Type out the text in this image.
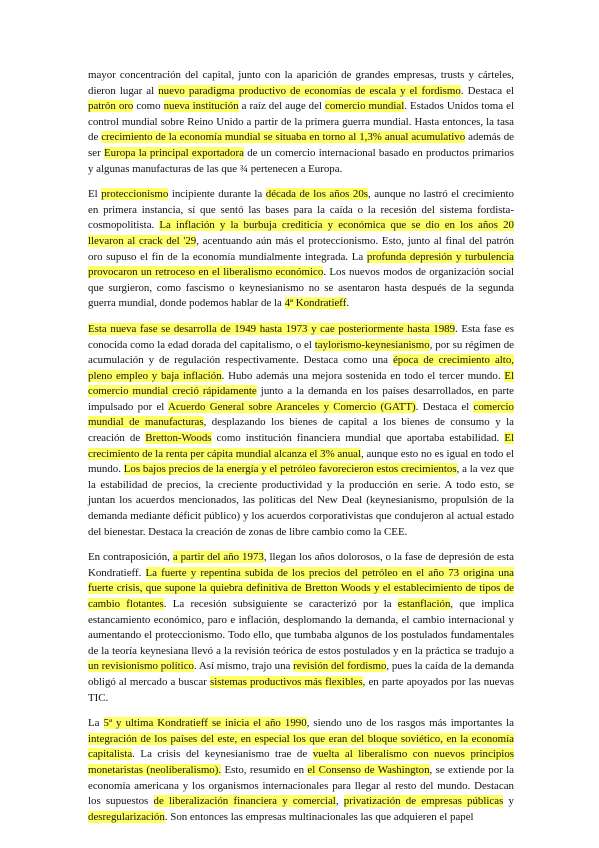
mayor concentración del capital, junto con la aparición de grandes empresas, trusts y cárteles, dieron lugar al nuevo paradigma productivo de economías de escala y el fordismo. Destaca el patrón oro como nueva institución a raíz del auge del comercio mundial. Estados Unidos toma el control mundial sobre Reino Unido a partir de la primera guerra mundial. Hasta entonces, la tasa de crecimiento de la economía mundial se situaba en torno al 1,3% anual acumulativo además de ser Europa la principal exportadora de un comercio internacional basado en productos primarios y algunas manufacturas de las que ¾ pertenecen a Europa.

El proteccionismo incipiente durante la década de los años 20s, aunque no lastró el crecimiento en primera instancia, sí que sentó las bases para la caída o la recesión del sistema fordista-cosmopolitista. La inflación y la burbuja crediticia y económica que se dio en los años 20 llevaron al crack del '29, acentuando aún más el proteccionismo. Esto, junto al final del patrón oro supuso el fin de la economía mundialmente integrada. La profunda depresión y turbulencia provocaron un retroceso en el liberalismo económico. Los nuevos modos de organización social que surgieron, como fascismo o keynesianismo no se asentaron hasta después de la segunda guerra mundial, donde podemos hablar de la 4ª Kondratieff.

Esta nueva fase se desarrolla de 1949 hasta 1973 y cae posteriormente hasta 1989. Esta fase es conocida como la edad dorada del capitalismo, o el taylorismo-keynesianismo, por su régimen de acumulación y de regulación respectivamente. Destaca como una época de crecimiento alto, pleno empleo y baja inflación. Hubo además una mejora sostenida en todo el tercer mundo. El comercio mundial creció rápidamente junto a la demanda en los países desarrollados, en parte impulsado por el Acuerdo General sobre Aranceles y Comercio (GATT). Destaca el comercio mundial de manufacturas, desplazando los bienes de capital a los bienes de consumo y la creación de Bretton-Woods como institución financiera mundial que aportaba estabilidad. El crecimiento de la renta per cápita mundial alcanza el 3% anual, aunque esto no es igual en todo el mundo. Los bajos precios de la energía y el petróleo favorecieron estos crecimientos, a la vez que la estabilidad de precios, la creciente productividad y la producción en serie. A todo esto, se juntan los acuerdos mencionados, las políticas del New Deal (keynesianismo, propulsión de la demanda mediante déficit público) y los acuerdos corporativistas que condujeron al actual estado del bienestar. Destaca la creación de zonas de libre cambio como la CEE.

En contraposición, a partir del año 1973, llegan los años dolorosos, o la fase de depresión de esta Kondratieff. La fuerte y repentina subida de los precios del petróleo en el año 73 origina una fuerte crisis, que supone la quiebra definitiva de Bretton Woods y el establecimiento de tipos de cambio flotantes. La recesión subsiguiente se caracterizó por la estanflación, que implica estancamiento económico, paro e inflación, desplomando la demanda, el cambio internacional y aumentando el proteccionismo. Todo ello, que tumbaba algunos de los postulados fundamentales de la teoría keynesiana llevó a la revisión teórica de estos postulados y en la práctica se tradujo a un revisionismo político. Así mismo, trajo una revisión del fordismo, pues la caída de la demanda obligó al mercado a buscar sistemas productivos más flexibles, en parte apoyados por las nuevas TIC.

La 5ª y ultima Kondratieff se inicia el año 1990, siendo uno de los rasgos más importantes la integración de los países del este, en especial los que eran del bloque soviético, en la economía capitalista. La crisis del keynesianismo trae de vuelta al liberalismo con nuevos principios monetaristas (neoliberalismo). Esto, resumido en el Consenso de Washington, se extiende por la economía americana y los organismos internacionales para llegar al resto del mundo. Destacan los supuestos de liberalización financiera y comercial, privatización de empresas públicas y desregularización. Son entonces las empresas multinacionales las que adquieren el papel
